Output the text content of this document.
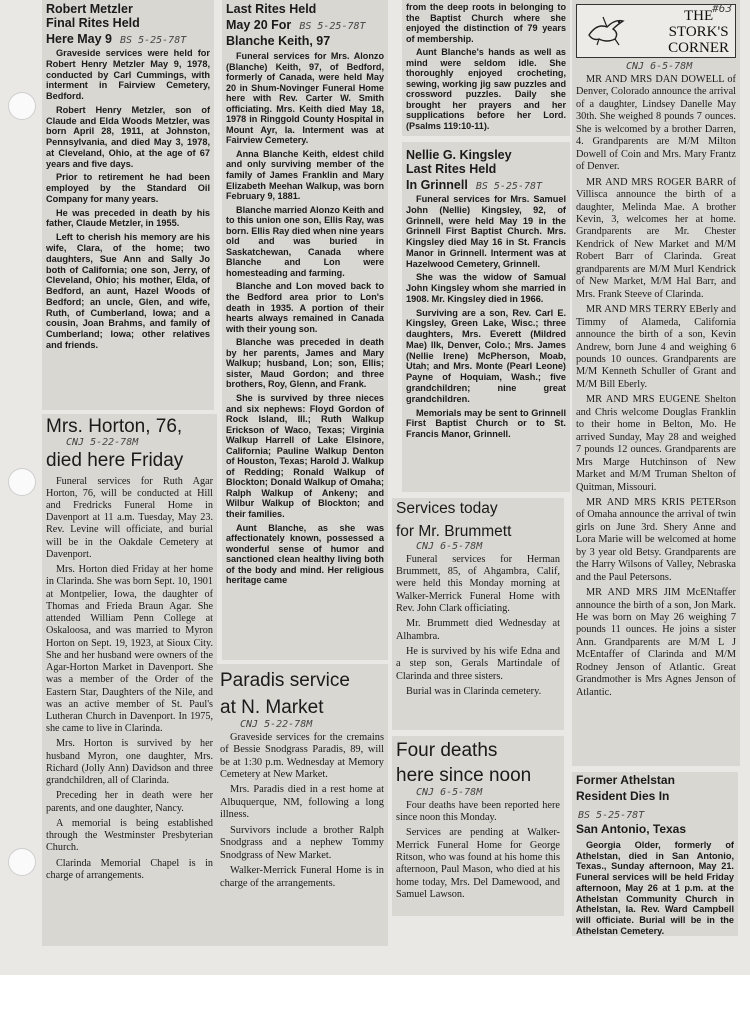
Robert Metzler
Final Rites Held
Here May 9 BS 5-25-78T

Graveside services were held for Robert Henry Metzler May 9, 1978, conducted by Carl Cummings, with interment in Fairview Cemetery, Bedford.

Robert Henry Metzler, son of Claude and Elda Woods Metzler, was born April 28, 1911, at Johnston, Pennsylvania, and died May 3, 1978, at Cleveland, Ohio, at the age of 67 years and five days.

Prior to retirement he had been employed by the Standard Oil Company for many years.

He was preceded in death by his father, Claude Metzler, in 1955.

Left to cherish his memory are his wife, Clara, of the home; two daughters, Sue Ann and Sally Jo both of California; one son, Jerry, of Cleveland, Ohio; his mother, Elda, of Bedford, an aunt, Hazel Woods of Bedford; an uncle, Glen, and wife, Ruth, of Cumberland, Iowa; and a cousin, Joan Brahms, and family of Cumberland; Iowa; other relatives and friends.

Mrs. Horton, 76,
CNJ 5-22-78M
died here Friday

Funeral services for Ruth Agar Horton, 76, will be conducted at Hill and Fredricks Funeral Home in Davenport at 11 a.m. Tuesday, May 23. Rev. Levine will officiate, and burial will be in the Oakdale Cemetery at Davenport.

Mrs. Horton died Friday at her home in Clarinda. She was born Sept. 10, 1901 at Montpelier, Iowa, the daughter of Thomas and Frieda Braun Agar. She attended William Penn College at Oskaloosa, and was married to Myron Horton on Sept. 19, 1923, at Sioux City. She and her husband were owners of the Agar-Horton Market in Davenport. She was a member of the Order of the Eastern Star, Daughters of the Nile, and was an active member of St. Paul's Lutheran Church in Davenport. In 1975, she came to live in Clarinda.

Mrs. Horton is survived by her husband Myron, one daughter, Mrs. Richard (Jolly Ann) Davidson and three grandchildren, all of Clarinda.

Preceding her in death were her parents, and one daughter, Nancy.

A memorial is being established through the Westminster Presbyterian Church.

Clarinda Memorial Chapel is in charge of arrangements.

Last Rites Held
May 20 For BS 5-25-78T
Blanche Keith, 97

Funeral services for Mrs. Alonzo (Blanche) Keith, 97, of Bedford, formerly of Canada, were held May 20 in Shum-Novinger Funeral Home here with Rev. Carter W. Smith officiating. Mrs. Keith died May 18, 1978 in Ringgold County Hospital in Mount Ayr, Ia. Interment was at Fairview Cemetery.

Anna Blanche Keith, eldest child and only surviving member of the family of James Franklin and Mary Elizabeth Meehan Walkup, was born February 9, 1881.

Blanche married Alonzo Keith and to this union one son, Ellis Ray, was born. Ellis Ray died when nine years old and was buried in Saskatchewan, Canada where Blanche and Lon were homesteading and farming.

Blanche and Lon moved back to the Bedford area prior to Lon's death in 1935. A portion of their hearts always remained in Canada with their young son.

Blanche was preceded in death by her parents, James and Mary Walkup; husband, Lon; son, Ellis; sister, Maud Gordon; and three brothers, Roy, Glenn, and Frank.

She is survived by three nieces and six nephews: Floyd Gordon of Rock Island, Ill.; Ruth Walkup Erickson of Waco, Texas; Virginia Walkup Harrell of Lake Elsinore, California; Pauline Walkup Denton of Houston, Texas; Harold J. Walkup of Redding; Ronald Walkup of Blockton; Donald Walkup of Omaha; Ralph Walkup of Ankeny; and Wilbur Walkup of Blockton; and their families.

Aunt Blanche, as she was affectionately known, possessed a wonderful sense of humor and sanctioned clean healthy living both of the body and mind. Her religious heritage came

Paradis service
at N. Market
CNJ 5-22-78M

Graveside services for the cremains of Bessie Snodgrass Paradis, 89, will be at 1:30 p.m. Wednesday at Memory Cemetery at New Market.

Mrs. Paradis died in a rest home at Albuquerque, NM, following a long illness.

Survivors include a brother Ralph Snodgrass and a nephew Tommy Snodgrass of New Market.

Walker-Merrick Funeral Home is in charge of the arrangements.

from the deep roots in belonging to the Baptist Church where she enjoyed the distinction of 79 years of membership.

Aunt Blanche's hands as well as mind were seldom idle. She thoroughly enjoyed crocheting, sewing, working jig saw puzzles and crossword puzzles. Daily she brought her prayers and her supplications before her Lord. (Psalms 119:10-11).

Nellie G. Kingsley
Last Rites Held
In Grinnell BS 5-25-78T

Funeral services for Mrs. Samuel John (Nellie) Kingsley, 92, of Grinnell, were held May 19 in the Grinnell First Baptist Church. Mrs. Kingsley died May 16 in St. Francis Manor in Grinnell. Interment was at Hazelwood Cemetery, Grinnell.

She was the widow of Samual John Kingsley whom she married in 1908. Mr. Kingsley died in 1966.

Surviving are a son, Rev. Carl E. Kingsley, Green Lake, Wisc.; three daughters, Mrs. Everett (Mildred Mae) Ilk, Denver, Colo.; Mrs. James (Nellie Irene) McPherson, Moab, Utah; and Mrs. Monte (Pearl Leone) Payne of Hoquiam, Wash.; five grandchildren; nine great grandchildren.

Memorials may be sent to Grinnell First Baptist Church or to St. Francis Manor, Grinnell.

Services today
for Mr. Brummett
CNJ 6-5-78M

Funeral services for Herman Brummett, 85, of Ahgambra, Calif, were held this Monday morning at Walker-Merrick Funeral Home with Rev. John Clark officiating.

Mr. Brummett died Wednesday at Alhambra.

He is survived by his wife Edna and a step son, Gerals Martindale of Clarinda and three sisters.

Burial was in Clarinda cemetery.

Four deaths
here since noon
CNJ 6-5-78M

Four deaths have been reported here since noon this Monday.

Services are pending at Walker-Merrick Funeral Home for George Ritson, who was found at his home this afternoon, Paul Mason, who died at his home today, Mrs. Del Damewood, and Samuel Lawson.

THE
STORK'S
CORNER
#63
CNJ 6-5-78M

MR AND MRS DAN DOWELL of Denver, Colorado announce the arrival of a daughter, Lindsey Danelle May 30th. She weighed 8 pounds 7 ounces. She is welcomed by a brother Darren, 4. Grandparents are M/M Milton Dowell of Coin and Mrs. Mary Frantz of Denver.

MR AND MRS ROGER BARR of Villisca announce the birth of a daughter, Melinda Mae. A brother Kevin, 3, welcomes her at home. Grandparents are Mr. Chester Kendrick of New Market and M/M Robert Barr of Clarinda. Great grandparents are M/M Murl Kendrick of New Market, M/M Hal Barr, and Mrs. Frank Steeve of Clarinda.

MR AND MRS TERRY EBerly and Timmy of Alameda, California announce the birth of a son, Kevin Andrew, born June 4 and weighing 6 pounds 10 ounces. Grandparents are M/M Kenneth Schuller of Grant and M/M Bill Eberly.

MR AND MRS EUGENE Shelton and Chris welcome Douglas Franklin to their home in Belton, Mo. He arrived Sunday, May 28 and weighed 7 pounds 12 ounces. Grandparents are Mrs Marge Hutchinson of New Market and M/M Truman Shelton of Quitman, Missouri.

MR AND MRS KRIS PETERson of Omaha announce the arrival of twin girls on June 3rd. Shery Anne and Lora Marie will be welcomed at home by 3 year old Betsy. Grandparents are the Harry Wilsons of Valley, Nebraska and the Paul Petersons.

MR AND MRS JIM McENtaffer announce the birth of a son, Jon Mark. He was born on May 26 weighing 7 pounds 11 ounces. He joins a sister Ann. Grandparents are M/M L J McEntaffer of Clarinda and M/M Rodney Jenson of Atlantic. Great Grandmother is Mrs Agnes Jenson of Atlantic.

Former Athelstan
Resident Dies In BS 5-25-78T
San Antonio, Texas

Georgia Older, formerly of Athelstan, died in San Antonio, Texas., Sunday afternoon, May 21. Funeral services will be held Friday afternoon, May 26 at 1 p.m. at the Athelstan Community Church in Athelstan, Ia. Rev. Ward Campbell will officiate. Burial will be in the Athelstan Cemetery.
